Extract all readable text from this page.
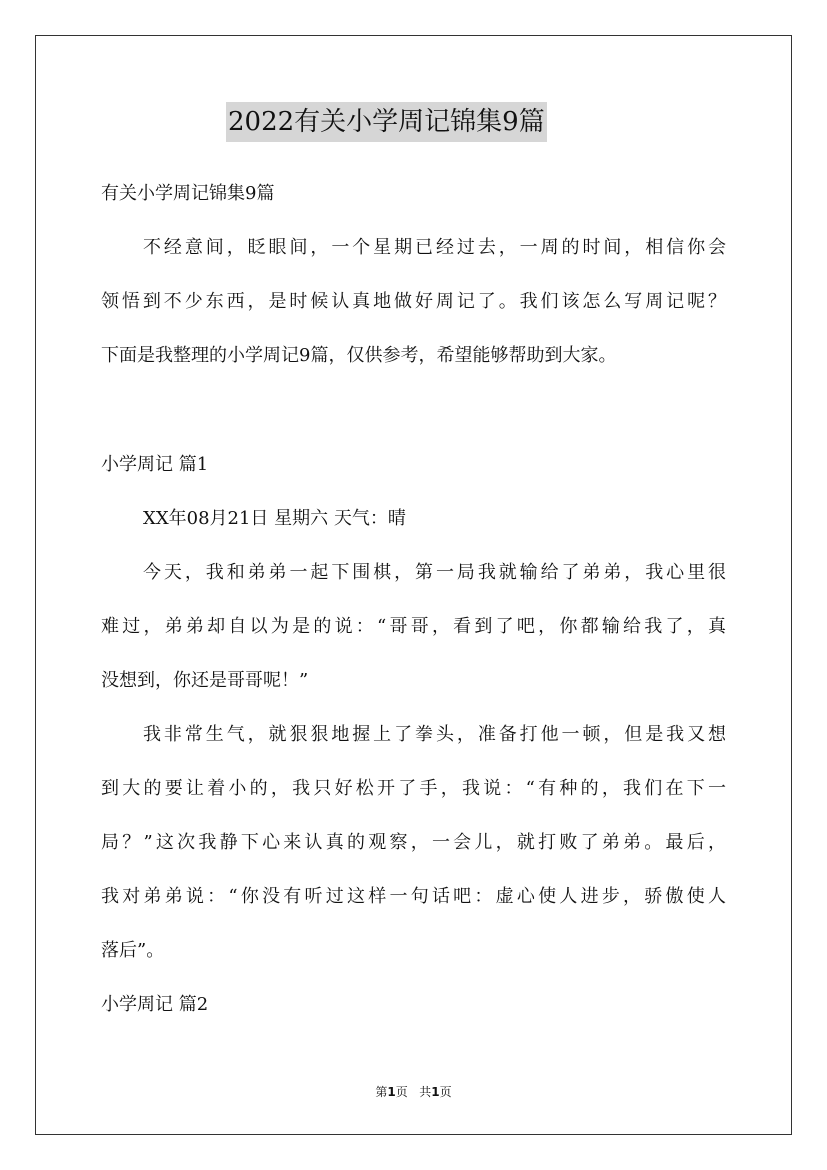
2022有关小学周记锦集9篇
有关小学周记锦集9篇
不经意间，眨眼间，一个星期已经过去，一周的时间，相信你会
领悟到不少东西，是时候认真地做好周记了。我们该怎么写周记呢？
下面是我整理的小学周记9篇，仅供参考，希望能够帮助到大家。
小学周记 篇1
XX年08月21日 星期六 天气：晴
今天，我和弟弟一起下围棋，第一局我就输给了弟弟，我心里很
难过，弟弟却自以为是的说：“哥哥，看到了吧，你都输给我了，真
没想到，你还是哥哥呢！”
我非常生气，就狠狠地握上了拳头，准备打他一顿，但是我又想
到大的要让着小的，我只好松开了手，我说：“有种的，我们在下一
局？”这次我静下心来认真的观察，一会儿，就打败了弟弟。最后，
我对弟弟说：“你没有听过这样一句话吧：虚心使人进步，骄傲使人
落后”。
小学周记 篇2
第1页 共1页
